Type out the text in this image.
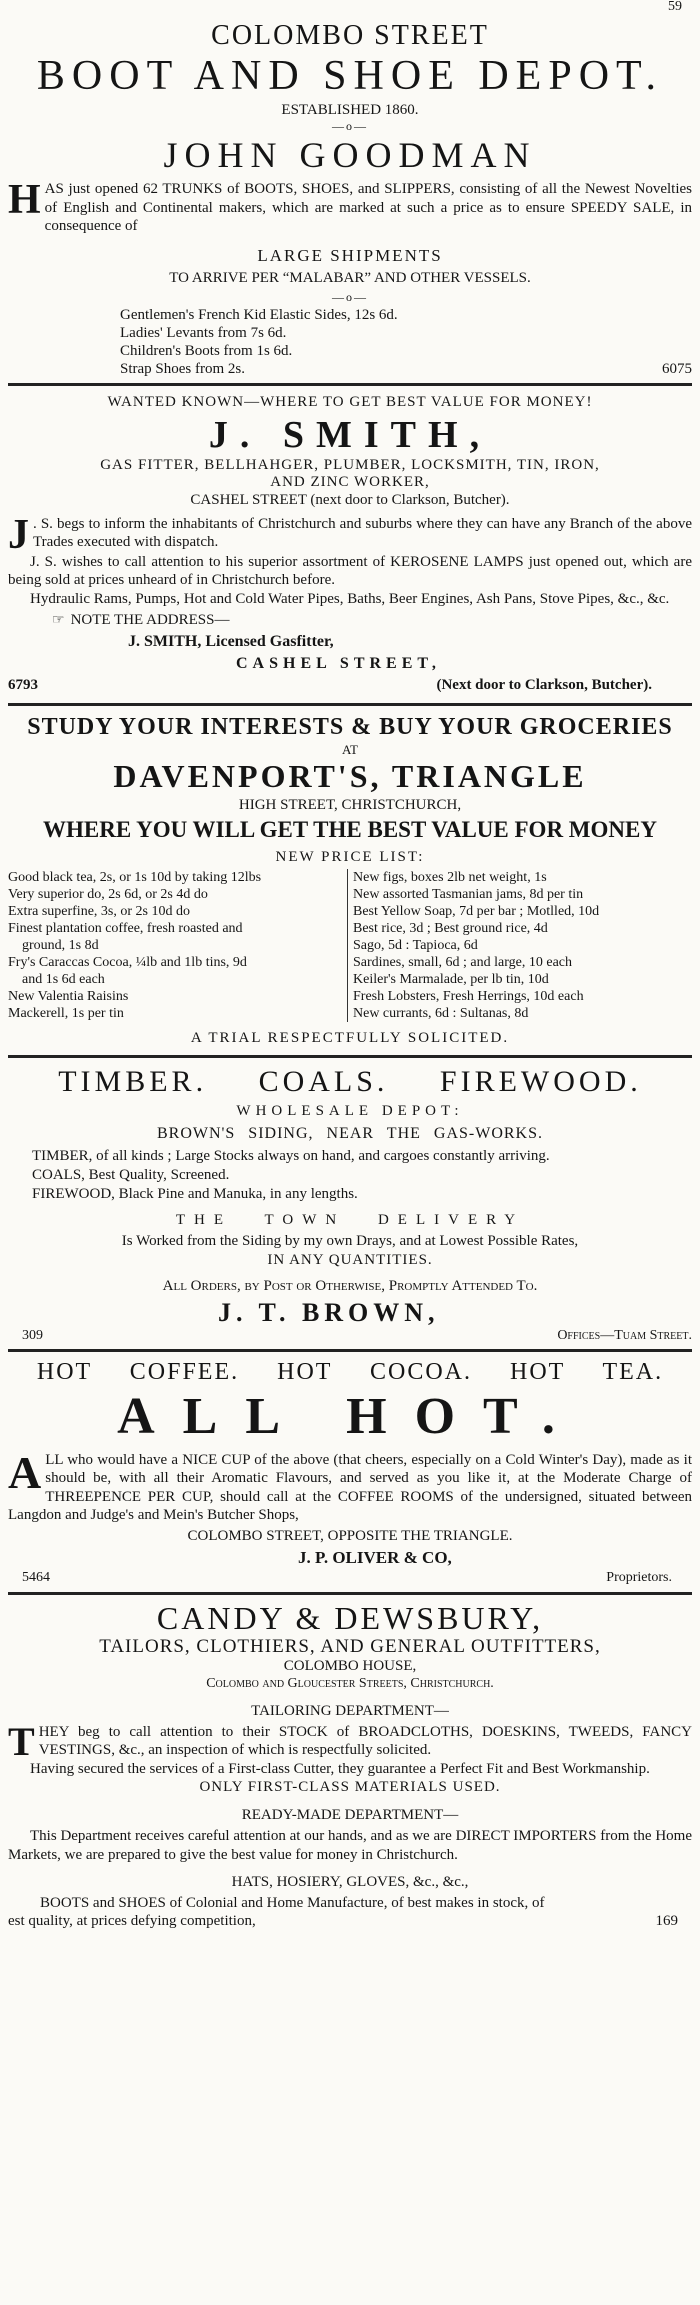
59
COLOMBO STREET
BOOT AND SHOE DEPOT.
ESTABLISHED 1860.
—o—
JOHN GOODMAN
HAS just opened 62 TRUNKS of BOOTS, SHOES, and SLIPPERS, consisting of all the Newest Novelties of English and Continental makers, which are marked at such a price as to ensure SPEEDY SALE, in consequence of
LARGE SHIPMENTS
TO ARRIVE PER “MALABAR” AND OTHER VESSELS.
—o—
Gentlemen's French Kid Elastic Sides, 12s 6d.
Ladies' Levants from 7s 6d.
Children's Boots from 1s 6d.
Strap Shoes from 2s.	6075
WANTED KNOWN—WHERE TO GET BEST VALUE FOR MONEY!
J. SMITH,
GAS FITTER, BELLHAHGER, PLUMBER, LOCKSMITH, TIN, IRON,
AND ZINC WORKER,
CASHEL STREET (next door to Clarkson, Butcher).
J . S. begs to inform the inhabitants of Christchurch and suburbs where they can have any Branch of the above Trades executed with dispatch.
J. S. wishes to call attention to his superior assortment of KEROSENE LAMPS just opened out, which are being sold at prices unheard of in Christchurch before.
Hydraulic Rams, Pumps, Hot and Cold Water Pipes, Baths, Beer Engines, Ash Pans, Stove Pipes, &c., &c.
☞ NOTE THE ADDRESS—
J. SMITH, Licensed Gasfitter,
CASHEL STREET,
6793	(Next door to Clarkson, Butcher).
STUDY YOUR INTERESTS & BUY YOUR GROCERIES
AT
DAVENPORT'S, TRIANGLE
HIGH STREET, CHRISTCHURCH,
WHERE YOU WILL GET THE BEST VALUE FOR MONEY
NEW PRICE LIST:
Good black tea, 2s, or 1s 10d by taking 12lbs
Very superior do, 2s 6d, or 2s 4d do
Extra superfine, 3s, or 2s 10d do
Finest plantation coffee, fresh roasted and
ground, 1s 8d
Fry's Caraccas Cocoa, ¼lb and 1lb tins, 9d
and 1s 6d each
New Valentia Raisins
Mackerell, 1s per tin
New figs, boxes 2lb net weight, 1s
New assorted Tasmanian jams, 8d per tin
Best Yellow Soap, 7d per bar ; Motlled, 10d
Best rice, 3d ; Best ground rice, 4d
Sago, 5d : Tapioca, 6d
Sardines, small, 6d ; and large, 10 each
Keiler's Marmalade, per lb tin, 10d
Fresh Lobsters, Fresh Herrings, 10d each
New currants, 6d : Sultanas, 8d
A TRIAL RESPECTFULLY SOLICITED.
TIMBER. COALS. FIREWOOD.
WHOLESALE DEPOT:
BROWN'S SIDING, NEAR THE GAS-WORKS.
TIMBER, of all kinds ; Large Stocks always on hand, and cargoes constantly arriving.
COALS, Best Quality, Screened.
FIREWOOD, Black Pine and Manuka, in any lengths.
THE TOWN DELIVERY
Is Worked from the Siding by my own Drays, and at Lowest Possible Rates,
IN ANY QUANTITIES.
All Orders, by Post or Otherwise, Promptly Attended To.
J. T. BROWN,
309	Offices—Tuam Street.
HOT COFFEE. HOT COCOA. HOT TEA.
ALL HOT.
ALL who would have a NICE CUP of the above (that cheers, especially on a Cold Winter's Day), made as it should be, with all their Aromatic Flavours, and served as you like it, at the Moderate Charge of THREEPENCE PER CUP, should call at the COFFEE ROOMS of the undersigned, situated between Langdon and Judge's and Mein's Butcher Shops,
COLOMBO STREET, OPPOSITE THE TRIANGLE.
J. P. OLIVER & CO,
5464	Proprietors.
CANDY & DEWSBURY,
TAILORS, CLOTHIERS, AND GENERAL OUTFITTERS,
COLOMBO HOUSE,
Colombo and Gloucester Streets, Christchurch.
TAILORING DEPARTMENT—
THEY beg to call attention to their STOCK of BROADCLOTHS, DOESKINS, TWEEDS, FANCY VESTINGS, &c., an inspection of which is respectfully solicited.
Having secured the services of a First-class Cutter, they guarantee a Perfect Fit and Best Workmanship.
ONLY FIRST-CLASS MATERIALS USED.
READY-MADE DEPARTMENT—
This Department receives careful attention at our hands, and as we are DIRECT IMPORTERS from the Home Markets, we are prepared to give the best value for money in Christchurch.
HATS, HOSIERY, GLOVES, &c., &c.,
BOOTS and SHOES of Colonial and Home Manufacture, of best makes in stock, of
est quality, at prices defying competition,	169
